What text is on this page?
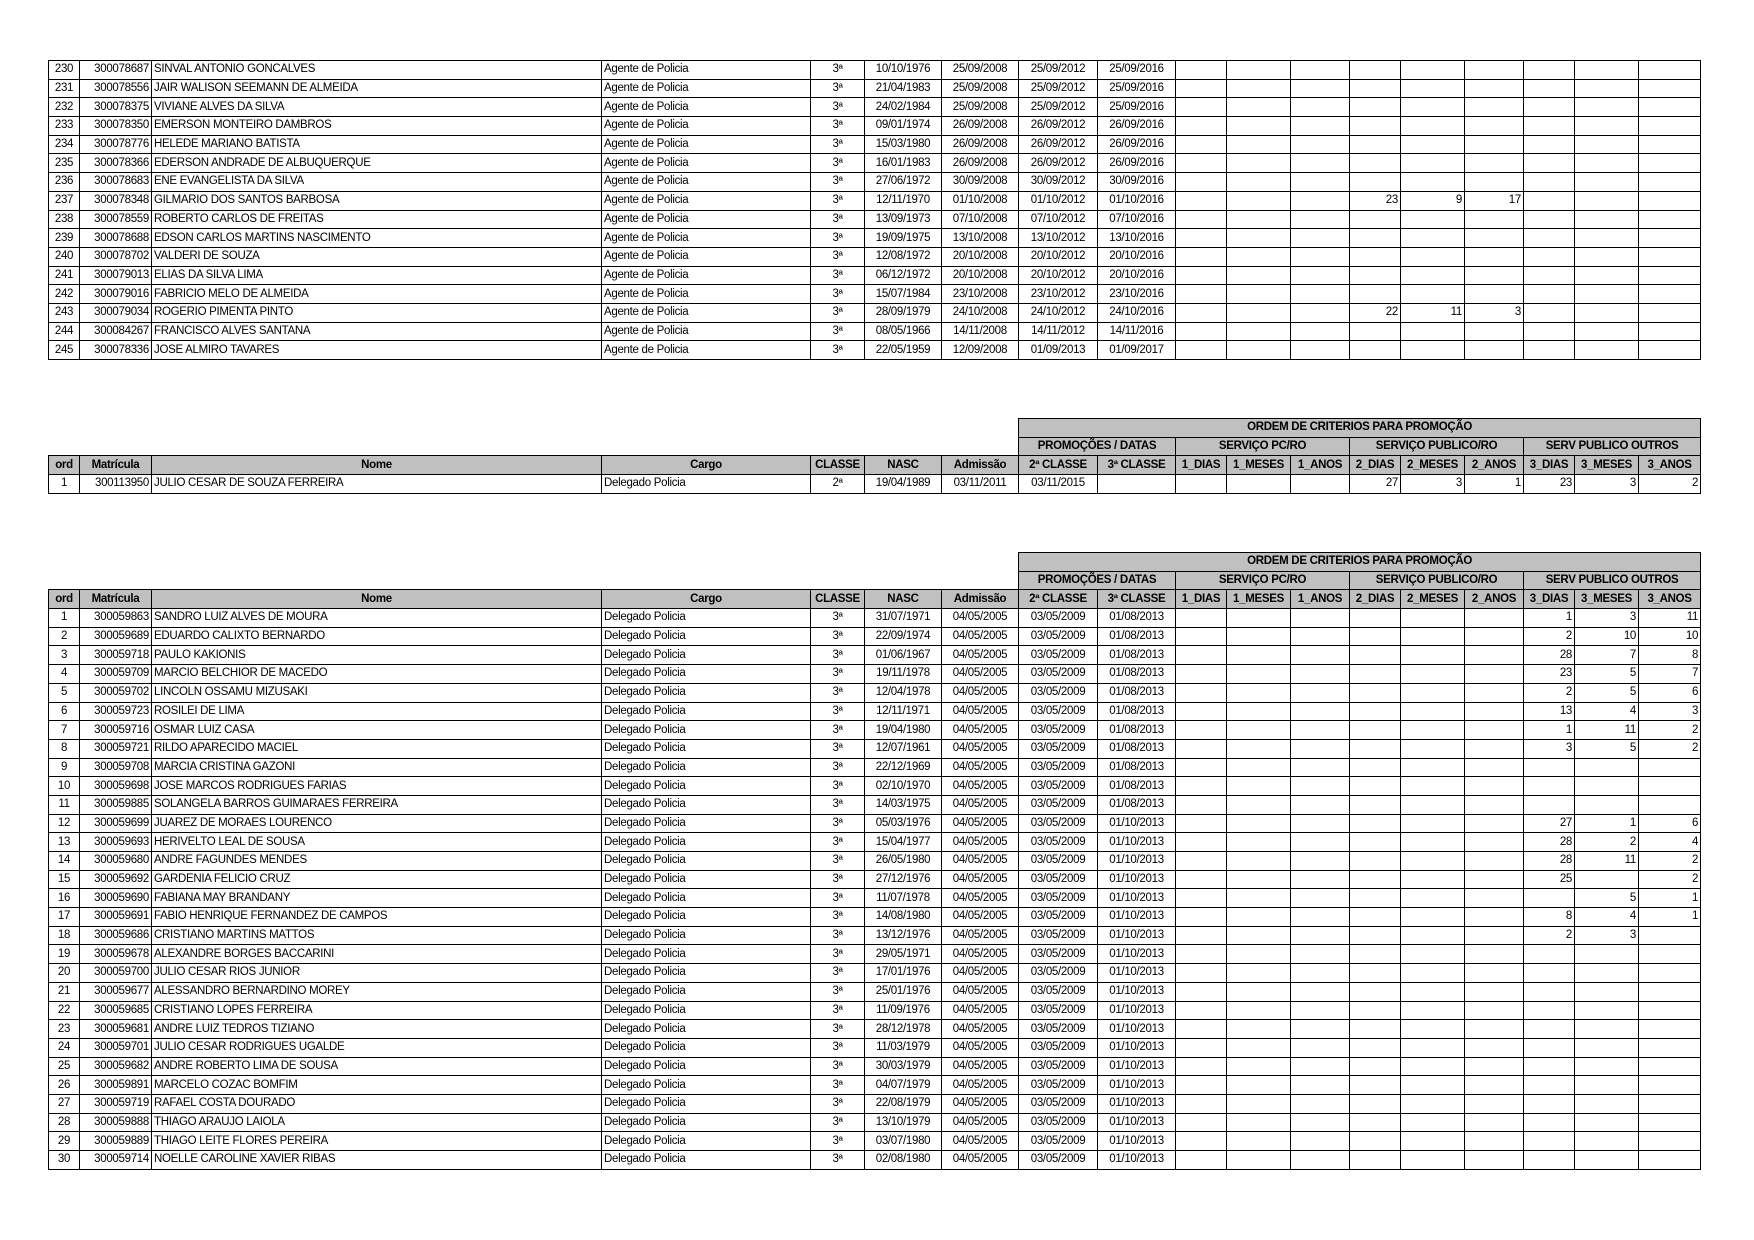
230	300078687	SINVAL ANTONIO GONCALVES	Agente de Policia	3ª	10/10/1976	25/09/2008	25/09/2012	25/09/2016									
231	300078556	JAIR WALISON SEEMANN DE ALMEIDA	Agente de Policia	3ª	21/04/1983	25/09/2008	25/09/2012	25/09/2016									
232	300078375	VIVIANE ALVES DA SILVA	Agente de Policia	3ª	24/02/1984	25/09/2008	25/09/2012	25/09/2016									
233	300078350	EMERSON MONTEIRO DAMBROS	Agente de Policia	3ª	09/01/1974	26/09/2008	26/09/2012	26/09/2016									
234	300078776	HELEDE MARIANO BATISTA	Agente de Policia	3ª	15/03/1980	26/09/2008	26/09/2012	26/09/2016									
235	300078366	EDERSON ANDRADE DE ALBUQUERQUE	Agente de Policia	3ª	16/01/1983	26/09/2008	26/09/2012	26/09/2016									
236	300078683	ENE EVANGELISTA DA SILVA	Agente de Policia	3ª	27/06/1972	30/09/2008	30/09/2012	30/09/2016									
237	300078348	GILMARIO DOS SANTOS BARBOSA	Agente de Policia	3ª	12/11/1970	01/10/2008	01/10/2012	01/10/2016				23	9	17			
238	300078559	ROBERTO CARLOS DE FREITAS	Agente de Policia	3ª	13/09/1973	07/10/2008	07/10/2012	07/10/2016									
239	300078688	EDSON CARLOS MARTINS NASCIMENTO	Agente de Policia	3ª	19/09/1975	13/10/2008	13/10/2012	13/10/2016									
240	300078702	VALDERI DE SOUZA	Agente de Policia	3ª	12/08/1972	20/10/2008	20/10/2012	20/10/2016									
241	300079013	ELIAS DA SILVA LIMA	Agente de Policia	3ª	06/12/1972	20/10/2008	20/10/2012	20/10/2016									
242	300079016	FABRICIO MELO DE ALMEIDA	Agente de Policia	3ª	15/07/1984	23/10/2008	23/10/2012	23/10/2016									
243	300079034	ROGERIO PIMENTA PINTO	Agente de Policia	3ª	28/09/1979	24/10/2008	24/10/2012	24/10/2016				22	11	3			
244	300084267	FRANCISCO ALVES SANTANA	Agente de Policia	3ª	08/05/1966	14/11/2008	14/11/2012	14/11/2016									
245	300078336	JOSE ALMIRO TAVARES	Agente de Policia	3ª	22/05/1959	12/09/2008	01/09/2013	01/09/2017									
							ORDEM DE CRITERIOS PARA PROMOÇÃO										
							PROMOÇÕES / DATAS		SERVIÇO PC/RO			SERVIÇO PUBLICO/RO			SERV PUBLICO OUTROS		
ord	Matrícula	Nome	Cargo	CLASSE	NASC	Admissão	2ª CLASSE	3ª CLASSE	1_DIAS	1_MESES	1_ANOS	2_DIAS	2_MESES	2_ANOS	3_DIAS	3_MESES	3_ANOS
1	300113950	JULIO CESAR DE SOUZA FERREIRA	Delegado Policia	2ª	19/04/1989	03/11/2011	03/11/2015					27	3	1	23	3	2
							ORDEM DE CRITERIOS PARA PROMOÇÃO										
							PROMOÇÕES / DATAS		SERVIÇO PC/RO			SERVIÇO PUBLICO/RO			SERV PUBLICO OUTROS		
ord	Matrícula	Nome	Cargo	CLASSE	NASC	Admissão	2ª CLASSE	3ª CLASSE	1_DIAS	1_MESES	1_ANOS	2_DIAS	2_MESES	2_ANOS	3_DIAS	3_MESES	3_ANOS
1	300059863	SANDRO LUIZ ALVES DE MOURA	Delegado Policia	3ª	31/07/1971	04/05/2005	03/05/2009	01/08/2013							1	3	11
2	300059689	EDUARDO CALIXTO BERNARDO	Delegado Policia	3ª	22/09/1974	04/05/2005	03/05/2009	01/08/2013							2	10	10
3	300059718	PAULO KAKIONIS	Delegado Policia	3ª	01/06/1967	04/05/2005	03/05/2009	01/08/2013							28	7	8
4	300059709	MARCIO BELCHIOR DE MACEDO	Delegado Policia	3ª	19/11/1978	04/05/2005	03/05/2009	01/08/2013							23	5	7
5	300059702	LINCOLN OSSAMU MIZUSAKI	Delegado Policia	3ª	12/04/1978	04/05/2005	03/05/2009	01/08/2013							2	5	6
6	300059723	ROSILEI DE LIMA	Delegado Policia	3ª	12/11/1971	04/05/2005	03/05/2009	01/08/2013							13	4	3
7	300059716	OSMAR LUIZ CASA	Delegado Policia	3ª	19/04/1980	04/05/2005	03/05/2009	01/08/2013							1	11	2
8	300059721	RILDO APARECIDO MACIEL	Delegado Policia	3ª	12/07/1961	04/05/2005	03/05/2009	01/08/2013							3	5	2
9	300059708	MARCIA CRISTINA GAZONI	Delegado Policia	3ª	22/12/1969	04/05/2005	03/05/2009	01/08/2013									
10	300059698	JOSE MARCOS RODRIGUES FARIAS	Delegado Policia	3ª	02/10/1970	04/05/2005	03/05/2009	01/08/2013									
11	300059885	SOLANGELA BARROS GUIMARAES FERREIRA	Delegado Policia	3ª	14/03/1975	04/05/2005	03/05/2009	01/08/2013									
12	300059699	JUAREZ DE MORAES LOURENCO	Delegado Policia	3ª	05/03/1976	04/05/2005	03/05/2009	01/10/2013							27	1	6
13	300059693	HERIVELTO LEAL DE SOUSA	Delegado Policia	3ª	15/04/1977	04/05/2005	03/05/2009	01/10/2013							28	2	4
14	300059680	ANDRE FAGUNDES MENDES	Delegado Policia	3ª	26/05/1980	04/05/2005	03/05/2009	01/10/2013							28	11	2
15	300059692	GARDENIA FELICIO CRUZ	Delegado Policia	3ª	27/12/1976	04/05/2005	03/05/2009	01/10/2013							25		2
16	300059690	FABIANA MAY BRANDANY	Delegado Policia	3ª	11/07/1978	04/05/2005	03/05/2009	01/10/2013								5	1
17	300059691	FABIO HENRIQUE FERNANDEZ DE CAMPOS	Delegado Policia	3ª	14/08/1980	04/05/2005	03/05/2009	01/10/2013							8	4	1
18	300059686	CRISTIANO MARTINS MATTOS	Delegado Policia	3ª	13/12/1976	04/05/2005	03/05/2009	01/10/2013							2	3	
19	300059678	ALEXANDRE BORGES BACCARINI	Delegado Policia	3ª	29/05/1971	04/05/2005	03/05/2009	01/10/2013									
20	300059700	JULIO CESAR RIOS JUNIOR	Delegado Policia	3ª	17/01/1976	04/05/2005	03/05/2009	01/10/2013									
21	300059677	ALESSANDRO BERNARDINO MOREY	Delegado Policia	3ª	25/01/1976	04/05/2005	03/05/2009	01/10/2013									
22	300059685	CRISTIANO LOPES FERREIRA	Delegado Policia	3ª	11/09/1976	04/05/2005	03/05/2009	01/10/2013									
23	300059681	ANDRE LUIZ TEDROS TIZIANO	Delegado Policia	3ª	28/12/1978	04/05/2005	03/05/2009	01/10/2013									
24	300059701	JULIO CESAR RODRIGUES UGALDE	Delegado Policia	3ª	11/03/1979	04/05/2005	03/05/2009	01/10/2013									
25	300059682	ANDRE ROBERTO LIMA DE SOUSA	Delegado Policia	3ª	30/03/1979	04/05/2005	03/05/2009	01/10/2013									
26	300059891	MARCELO COZAC BOMFIM	Delegado Policia	3ª	04/07/1979	04/05/2005	03/05/2009	01/10/2013									
27	300059719	RAFAEL COSTA DOURADO	Delegado Policia	3ª	22/08/1979	04/05/2005	03/05/2009	01/10/2013									
28	300059888	THIAGO ARAUJO LAIOLA	Delegado Policia	3ª	13/10/1979	04/05/2005	03/05/2009	01/10/2013									
29	300059889	THIAGO LEITE FLORES PEREIRA	Delegado Policia	3ª	03/07/1980	04/05/2005	03/05/2009	01/10/2013									
30	300059714	NOELLE CAROLINE XAVIER RIBAS	Delegado Policia	3ª	02/08/1980	04/05/2005	03/05/2009	01/10/2013									
